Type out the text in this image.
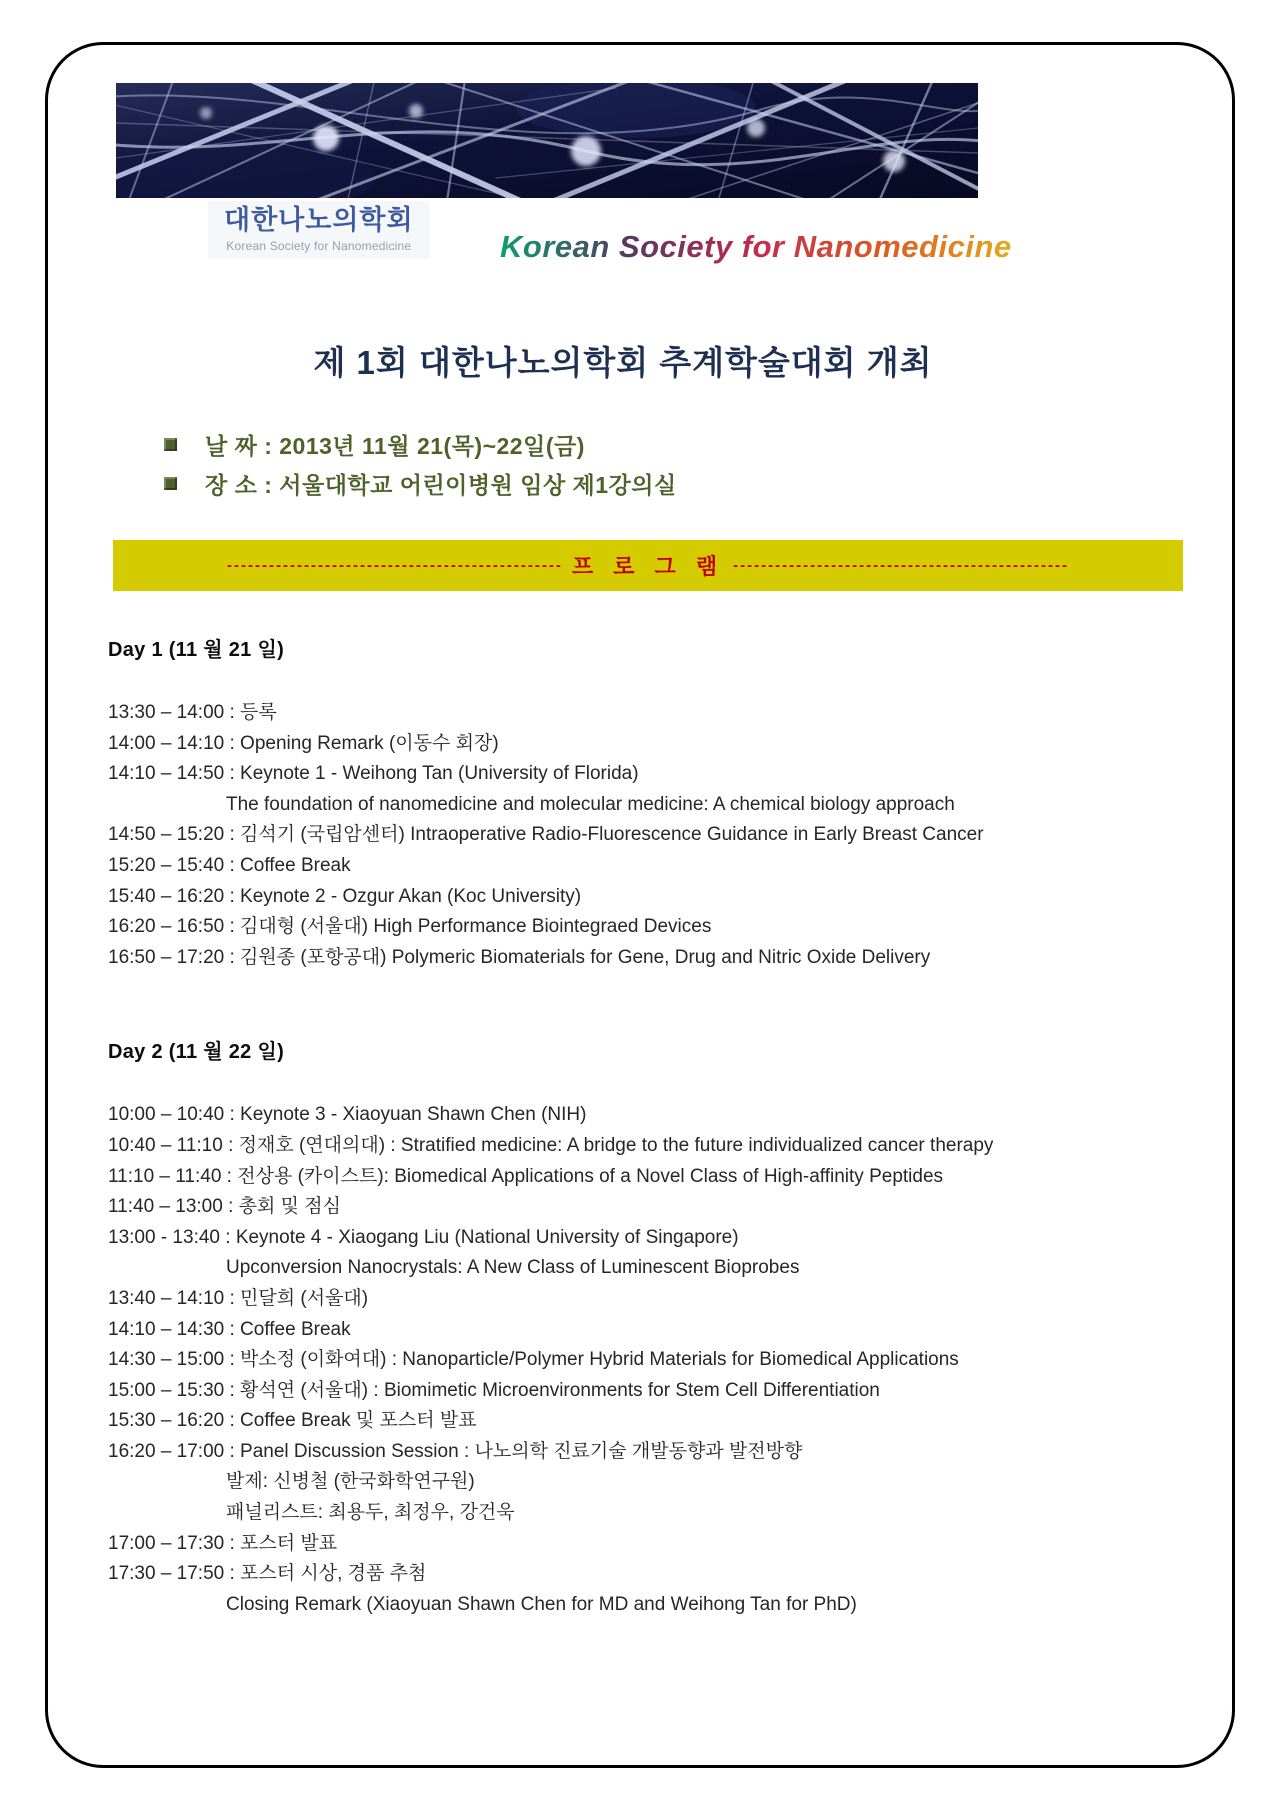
대한나노의학회
Korean Society for Nanomedicine	Korean Society for Nanomedicine
제 1회 대한나노의학회 추계학술대회 개최
날 짜 : 2013년 11월 21(목)~22일(금)
장 소 : 서울대학교 어린이병원 임상 제1강의실
------------------------------------------------ 프 로 그 램 ------------------------------------------------
Day 1 (11 월 21 일)
13:30 – 14:00 : 등록
14:00 – 14:10 : Opening Remark (이동수 회장)
14:10 – 14:50 : Keynote 1 - Weihong Tan (University of Florida)
The foundation of nanomedicine and molecular medicine: A chemical biology approach
14:50 – 15:20 : 김석기 (국립암센터) Intraoperative Radio-Fluorescence Guidance in Early Breast Cancer
15:20 – 15:40 : Coffee Break
15:40 – 16:20 : Keynote 2 - Ozgur Akan (Koc University)
16:20 – 16:50 : 김대형 (서울대) High Performance Biointegraed Devices
16:50 – 17:20 : 김원종 (포항공대) Polymeric Biomaterials for Gene, Drug and Nitric Oxide Delivery
Day 2 (11 월 22 일)
10:00 – 10:40 : Keynote 3 - Xiaoyuan Shawn Chen (NIH)
10:40 – 11:10 : 정재호 (연대의대) : Stratified medicine: A bridge to the future individualized cancer therapy
11:10 – 11:40 : 전상용 (카이스트): Biomedical Applications of a Novel Class of High-affinity Peptides
11:40 – 13:00 : 총회 및 점심
13:00 - 13:40 : Keynote 4 - Xiaogang Liu (National University of Singapore)
Upconversion Nanocrystals: A New Class of Luminescent Bioprobes
13:40 – 14:10 : 민달희 (서울대)
14:10 – 14:30 : Coffee Break
14:30 – 15:00 : 박소정 (이화여대) : Nanoparticle/Polymer Hybrid Materials for Biomedical Applications
15:00 – 15:30 : 황석연 (서울대) : Biomimetic Microenvironments for Stem Cell Differentiation
15:30 – 16:20 : Coffee Break 및 포스터 발표
16:20 – 17:00 : Panel Discussion Session : 나노의학 진료기술 개발동향과 발전방향
발제: 신병철 (한국화학연구원)
패널리스트: 최용두, 최정우, 강건욱
17:00 – 17:30 : 포스터 발표
17:30 – 17:50 : 포스터 시상, 경품 추첨
Closing Remark (Xiaoyuan Shawn Chen for MD and Weihong Tan for PhD)
